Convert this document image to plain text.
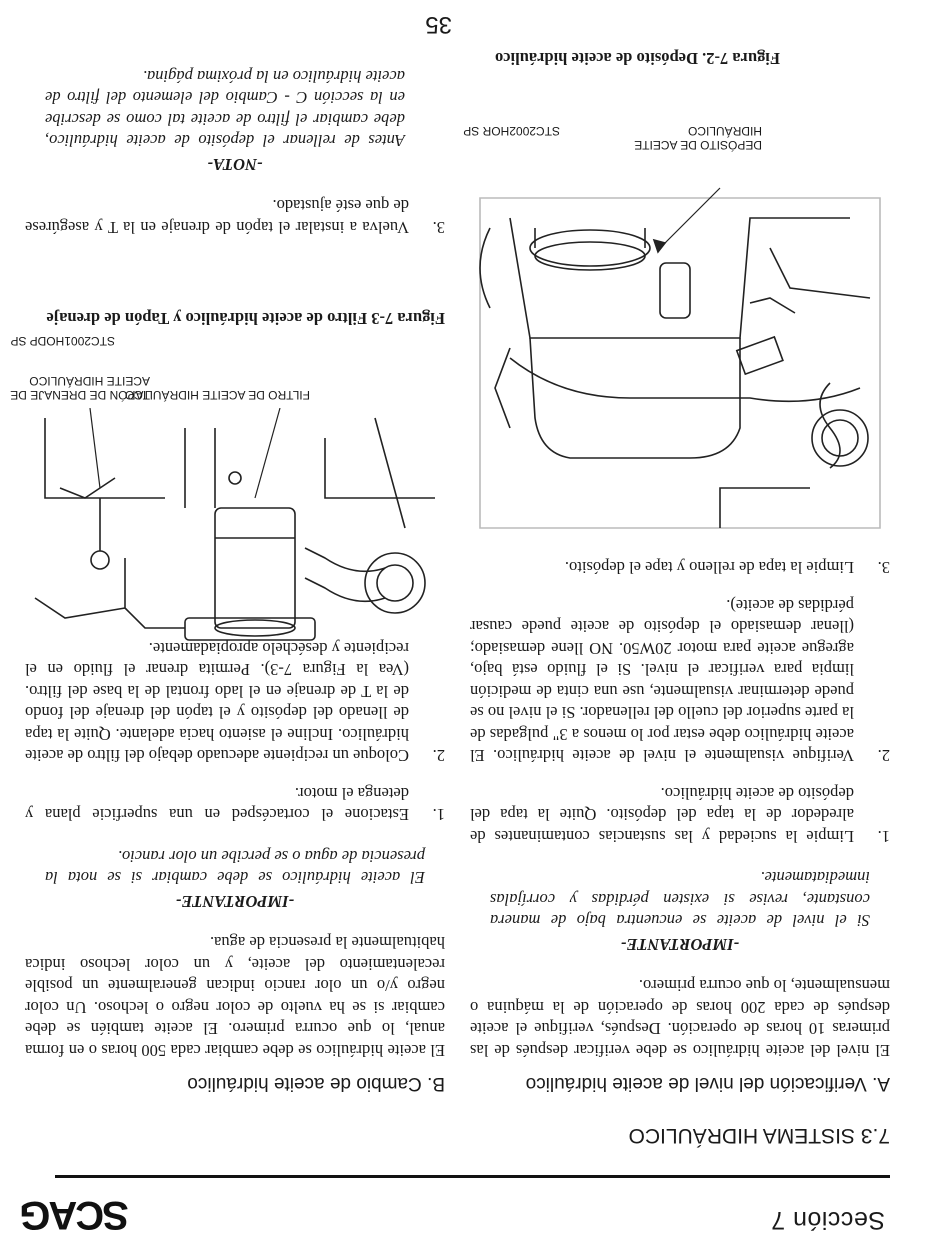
SCAG	Sección 7
7.3 SISTEMA HIDRÁULICO
A. Verificación del nivel de aceite hidráulico

El nivel del aceite hidráulico se debe verificar después de las primeras 10 horas de operación. Después, verifique el aceite después de cada 200 horas de operación de la máquina o mensualmente, lo que ocurra primero.

-IMPORTANTE-

Si el nivel de aceite se encuentra bajo de manera constante, revise si existen pérdidas y corríjalas inmediatamente.

1.
Limpie la suciedad y las sustancias contaminantes de alrededor de la tapa del depósito. Quite la tapa del depósito de aceite hidráulico.
2.
Verifique visualmente el nivel de aceite hidráulico. El aceite hidráulico debe estar por lo menos a 3" pulgadas de la parte superior del cuello del rellenador. Si el nivel no se puede determinar visualmente, use una cinta de medición limpia para verificar el nivel. Si el fluido está bajo, agregue aceite para motor 20W50. NO llene demasiado; (llenar demasiado el depósito de aceite puede causar pérdidas de aceite).
3.
Limpie la tapa de relleno y tape el depósito.
DEPÓSITO DE ACEITE
HIDRÁULICO
STC2002HOR SP
Figura 7-2. Depósito de aceite hidráulico
B. Cambio de aceite hidráulico

El aceite hidráulico se debe cambiar cada 500 horas o en forma anual, lo que ocurra primero. El aceite también se debe cambiar si se ha vuelto de color negro o lechoso. Un color negro y/o un olor rancio indican generalmente un posible recalentamiento del aceite, y un color lechoso indica habitualmente la presencia de agua.

-IMPORTANTE-

El aceite hidráulico se debe cambiar si se nota la presencia de agua o se percibe un olor rancio.

1.
Estacione el cortacésped en una superficie plana y detenga el motor.
2.
Coloque un recipiente adecuado debajo del filtro de aceite hidráulico. Incline el asiento hacia adelante. Quite la tapa de llenado del depósito y el tapón del drenaje del fondo de la T de drenaje en el lado frontal de la base del filtro. (Vea la Figura 7-3). Permita drenar el fluido en el recipiente y deséchelo apropiadamente.
FILTRO DE ACEITE HIDRÁULICO
TAPÓN DE DRENAJE DE
ACEITE HIDRÁULICO
STC2001HODP SP
Figura 7-3 Filtro de aceite hidráulico y Tapón de drenaje
3.
Vuelva a instalar el tapón de drenaje en la T y asegúrese de que esté ajustado.

-NOTA-

Antes de rellenar el depósito de aceite hidráulico, debe cambiar el filtro de aceite tal como se describe en la sección C - Cambio del elemento del filtro de aceite hidráulico en la próxima página.

35
